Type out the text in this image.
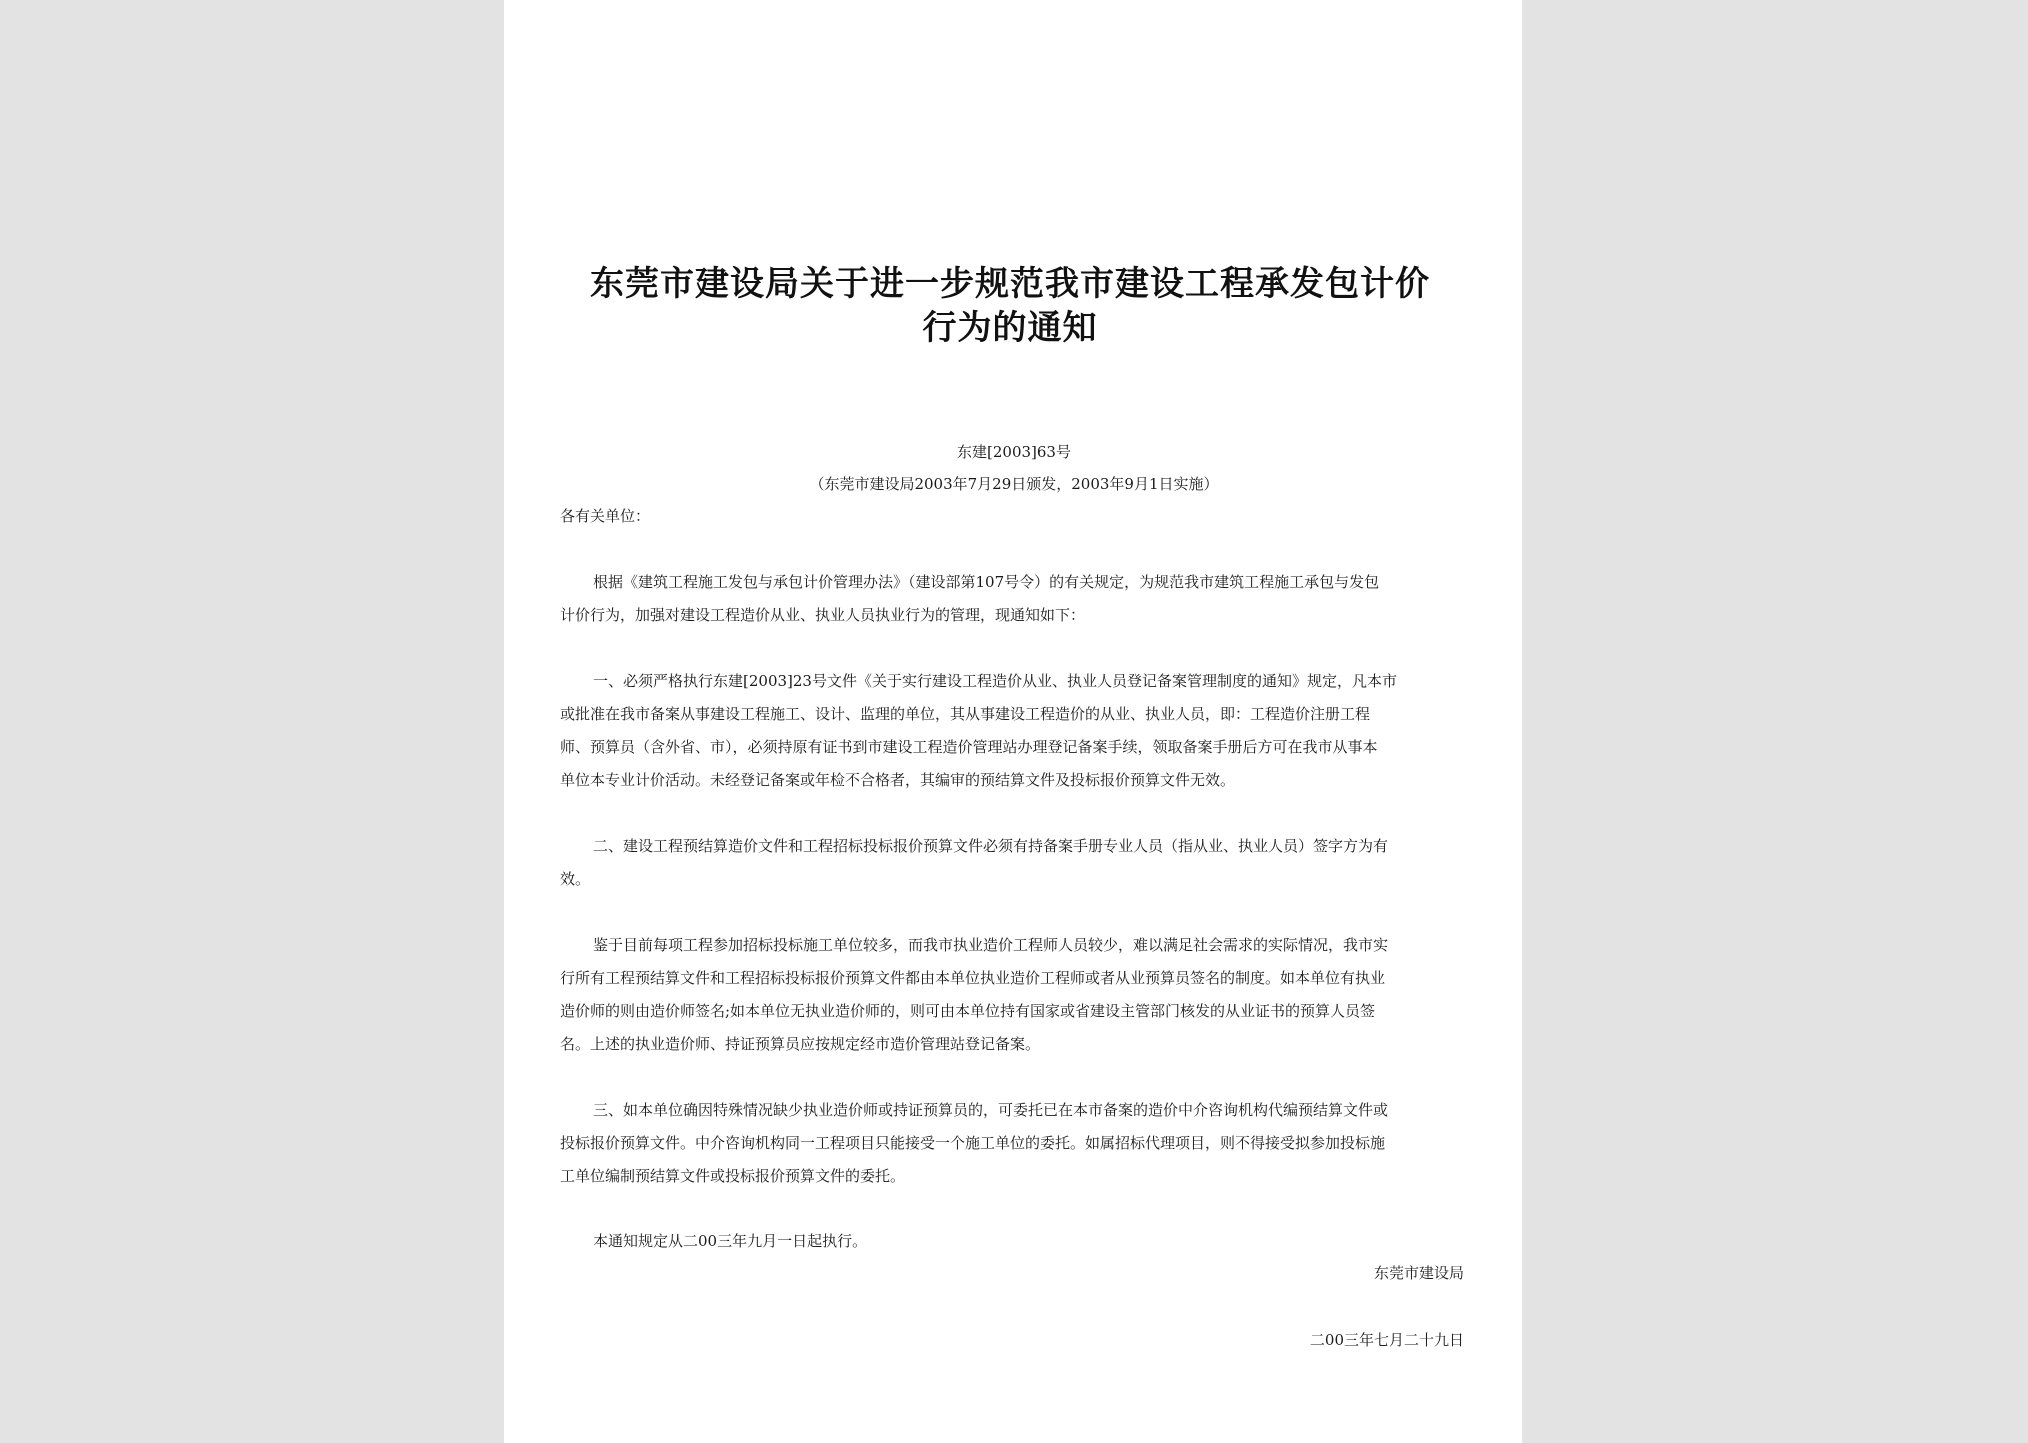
东莞市建设局关于进一步规范我市建设工程承发包计价
行为的通知
东建[2003]63号
（东莞市建设局2003年7月29日颁发，2003年9月1日实施）
各有关单位：
根据《建筑工程施工发包与承包计价管理办法》（建设部第107号令）的有关规定，为规范我市建筑工程施工承包与发包
计价行为，加强对建设工程造价从业、执业人员执业行为的管理，现通知如下：
一、必须严格执行东建[2003]23号文件《关于实行建设工程造价从业、执业人员登记备案管理制度的通知》规定，凡本市
或批准在我市备案从事建设工程施工、设计、监理的单位，其从事建设工程造价的从业、执业人员，即：工程造价注册工程
师、预算员（含外省、市），必须持原有证书到市建设工程造价管理站办理登记备案手续，领取备案手册后方可在我市从事本
单位本专业计价活动。未经登记备案或年检不合格者，其编审的预结算文件及投标报价预算文件无效。
二、建设工程预结算造价文件和工程招标投标报价预算文件必须有持备案手册专业人员（指从业、执业人员）签字方为有
效。
鉴于目前每项工程参加招标投标施工单位较多，而我市执业造价工程师人员较少，难以满足社会需求的实际情况，我市实
行所有工程预结算文件和工程招标投标报价预算文件都由本单位执业造价工程师或者从业预算员签名的制度。如本单位有执业
造价师的则由造价师签名;如本单位无执业造价师的，则可由本单位持有国家或省建设主管部门核发的从业证书的预算人员签
名。上述的执业造价师、持证预算员应按规定经市造价管理站登记备案。
三、如本单位确因特殊情况缺少执业造价师或持证预算员的，可委托已在本市备案的造价中介咨询机构代编预结算文件或
投标报价预算文件。中介咨询机构同一工程项目只能接受一个施工单位的委托。如属招标代理项目，则不得接受拟参加投标施
工单位编制预结算文件或投标报价预算文件的委托。
本通知规定从二00三年九月一日起执行。
东莞市建设局
二00三年七月二十九日
